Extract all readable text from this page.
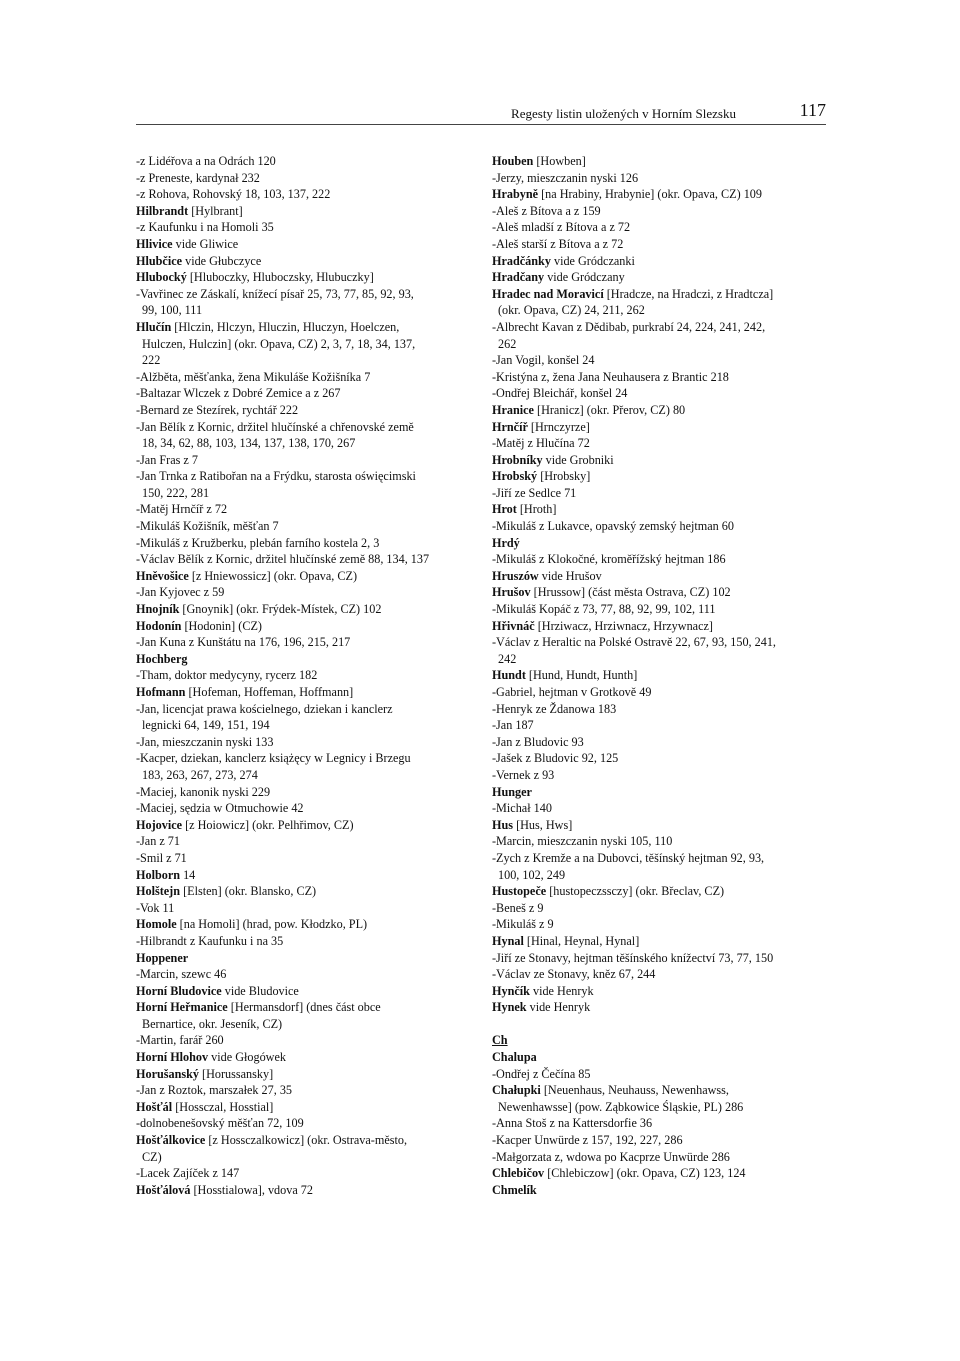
Regesty listin uložených v Horním Slezsku	117
-z Lidéřova a na Odrách 120
-z Preneste, kardynał 232
-z Rohova, Rohovský 18, 103, 137, 222
Hilbrandt [Hylbrant]
-z Kaufunku i na Homoli 35
Hlivice vide Gliwice
Hlubčice vide Głubczyce
Hlubocký [Hluboczky, Hluboczsky, Hlubuczky]
-Vavřinec ze Záskalí, knížecí písař 25, 73, 77, 85, 92, 93,
99, 100, 111
Hlučín [Hlczin, Hlczyn, Hluczin, Hluczyn, Hoelczen,
Hulczen, Hulczin] (okr. Opava, CZ) 2, 3, 7, 18, 34, 137,
222
-Alžběta, měšťanka, žena Mikuláše Kožišníka 7
-Baltazar Wlczek z Dobré Zemice a z 267
-Bernard ze Stezírek, rychtář 222
-Jan Bělík z Kornic, držitel hlučínské a chřenovské země
18, 34, 62, 88, 103, 134, 137, 138, 170, 267
-Jan Fras z 7
-Jan Trnka z Ratibořan na a Frýdku, starosta oświęcimski
150, 222, 281
-Matěj Hrnčíř z 72
-Mikuláš Kožišník, měšťan 7
-Mikuláš z Kružberku, plebán farního kostela 2, 3
-Václav Bělík z Kornic, držitel hlučínské země 88, 134, 137
Hněvošice [z Hniewossicz] (okr. Opava, CZ)
-Jan Kyjovec z 59
Hnojník [Gnoynik] (okr. Frýdek-Místek, CZ) 102
Hodonín [Hodonin] (CZ)
-Jan Kuna z Kunštátu na 176, 196, 215, 217
Hochberg
-Tham, doktor medycyny, rycerz 182
Hofmann [Hofeman, Hoffeman, Hoffmann]
-Jan, licencjat prawa kościelnego, dziekan i kanclerz
legnicki 64, 149, 151, 194
-Jan, mieszczanin nyski 133
-Kacper, dziekan, kanclerz książęcy w Legnicy i Brzegu
183, 263, 267, 273, 274
-Maciej, kanonik nyski 229
-Maciej, sędzia w Otmuchowie 42
Hojovice [z Hoiowicz] (okr. Pelhřimov, CZ)
-Jan z 71
-Smil z 71
Holborn 14
Holštejn [Elsten] (okr. Blansko, CZ)
-Vok 11
Homole [na Homoli] (hrad, pow. Kłodzko, PL)
-Hilbrandt z Kaufunku i na 35
Hoppener
-Marcin, szewc 46
Horní Bludovice vide Bludovice
Horní Heřmanice [Hermansdorf] (dnes část obce
Bernartice, okr. Jeseník, CZ)
-Martin, farář 260
Horní Hlohov vide Głogówek
Horušanský [Horussansky]
-Jan z Roztok, marszałek 27, 35
Hošťál [Hossczal, Hosstial]
-dolnobenešovský měšťan 72, 109
Hošťálkovice [z Hossczalkowicz] (okr. Ostrava-město,
CZ)
-Lacek Zajíček z 147
Hošťálová [Hosstialowa], vdova 72
Houben [Howben]
-Jerzy, mieszczanin nyski 126
Hrabyně [na Hrabiny, Hrabynie] (okr. Opava, CZ) 109
-Aleš z Bítova a z 159
-Aleš mladší z Bítova a z 72
-Aleš starší z Bítova a z 72
Hradčánky vide Gródczanki
Hradčany vide Gródczany
Hradec nad Moravicí [Hradcze, na Hradczi, z Hradtcza]
(okr. Opava, CZ) 24, 211, 262
-Albrecht Kavan z Dědibab, purkrabí 24, 224, 241, 242,
262
-Jan Vogil, konšel 24
-Kristýna z, žena Jana Neuhausera z Brantic 218
-Ondřej Bleichář, konšel 24
Hranice [Hranicz] (okr. Přerov, CZ) 80
Hrnčíř [Hrnczyrze]
-Matěj z Hlučína 72
Hrobníky vide Grobniki
Hrobský [Hrobsky]
-Jiří ze Sedlce 71
Hrot [Hroth]
-Mikuláš z Lukavce, opavský zemský hejtman 60
Hrdý
-Mikuláš z Klokočné, kroměřížský hejtman 186
Hruszów vide Hrušov
Hrušov [Hrussow] (část města Ostrava, CZ) 102
-Mikuláš Kopáč z 73, 77, 88, 92, 99, 102, 111
Hřivnáč [Hrziwacz, Hrziwnacz, Hrzywnacz]
-Václav z Heraltic na Polské Ostravě 22, 67, 93, 150, 241,
242
Hundt [Hund, Hundt, Hunth]
-Gabriel, hejtman v Grotkově 49
-Henryk ze Ždanowa 183
-Jan 187
-Jan z Bludovic 93
-Jašek z Bludovic 92, 125
-Vernek z 93
Hunger
-Michał 140
Hus [Hus, Hws]
-Marcin, mieszczanin nyski 105, 110
-Zych z Kremže a na Dubovci, těšínský hejtman 92, 93,
100, 102, 249
Hustopeče [hustopeczssczy] (okr. Břeclav, CZ)
-Beneš z 9
-Mikuláš z 9
Hynal [Hinal, Heynal, Hynal]
-Jiří ze Stonavy, hejtman těšínského knížectví 73, 77, 150
-Václav ze Stonavy, kněz 67, 244
Hynčík vide Henryk
Hynek vide Henryk
Ch
Chalupa
-Ondřej z Čečína 85
Chałupki [Neuenhaus, Neuhauss, Newenhawss,
Newenhawsse] (pow. Ząbkowice Śląskie, PL) 286
-Anna Stoš z na Kattersdorfie 36
-Kacper Unwürde z 157, 192, 227, 286
-Małgorzata z, wdowa po Kacprze Unwürde 286
Chlebičov [Chlebiczow] (okr. Opava, CZ) 123, 124
Chmelík
